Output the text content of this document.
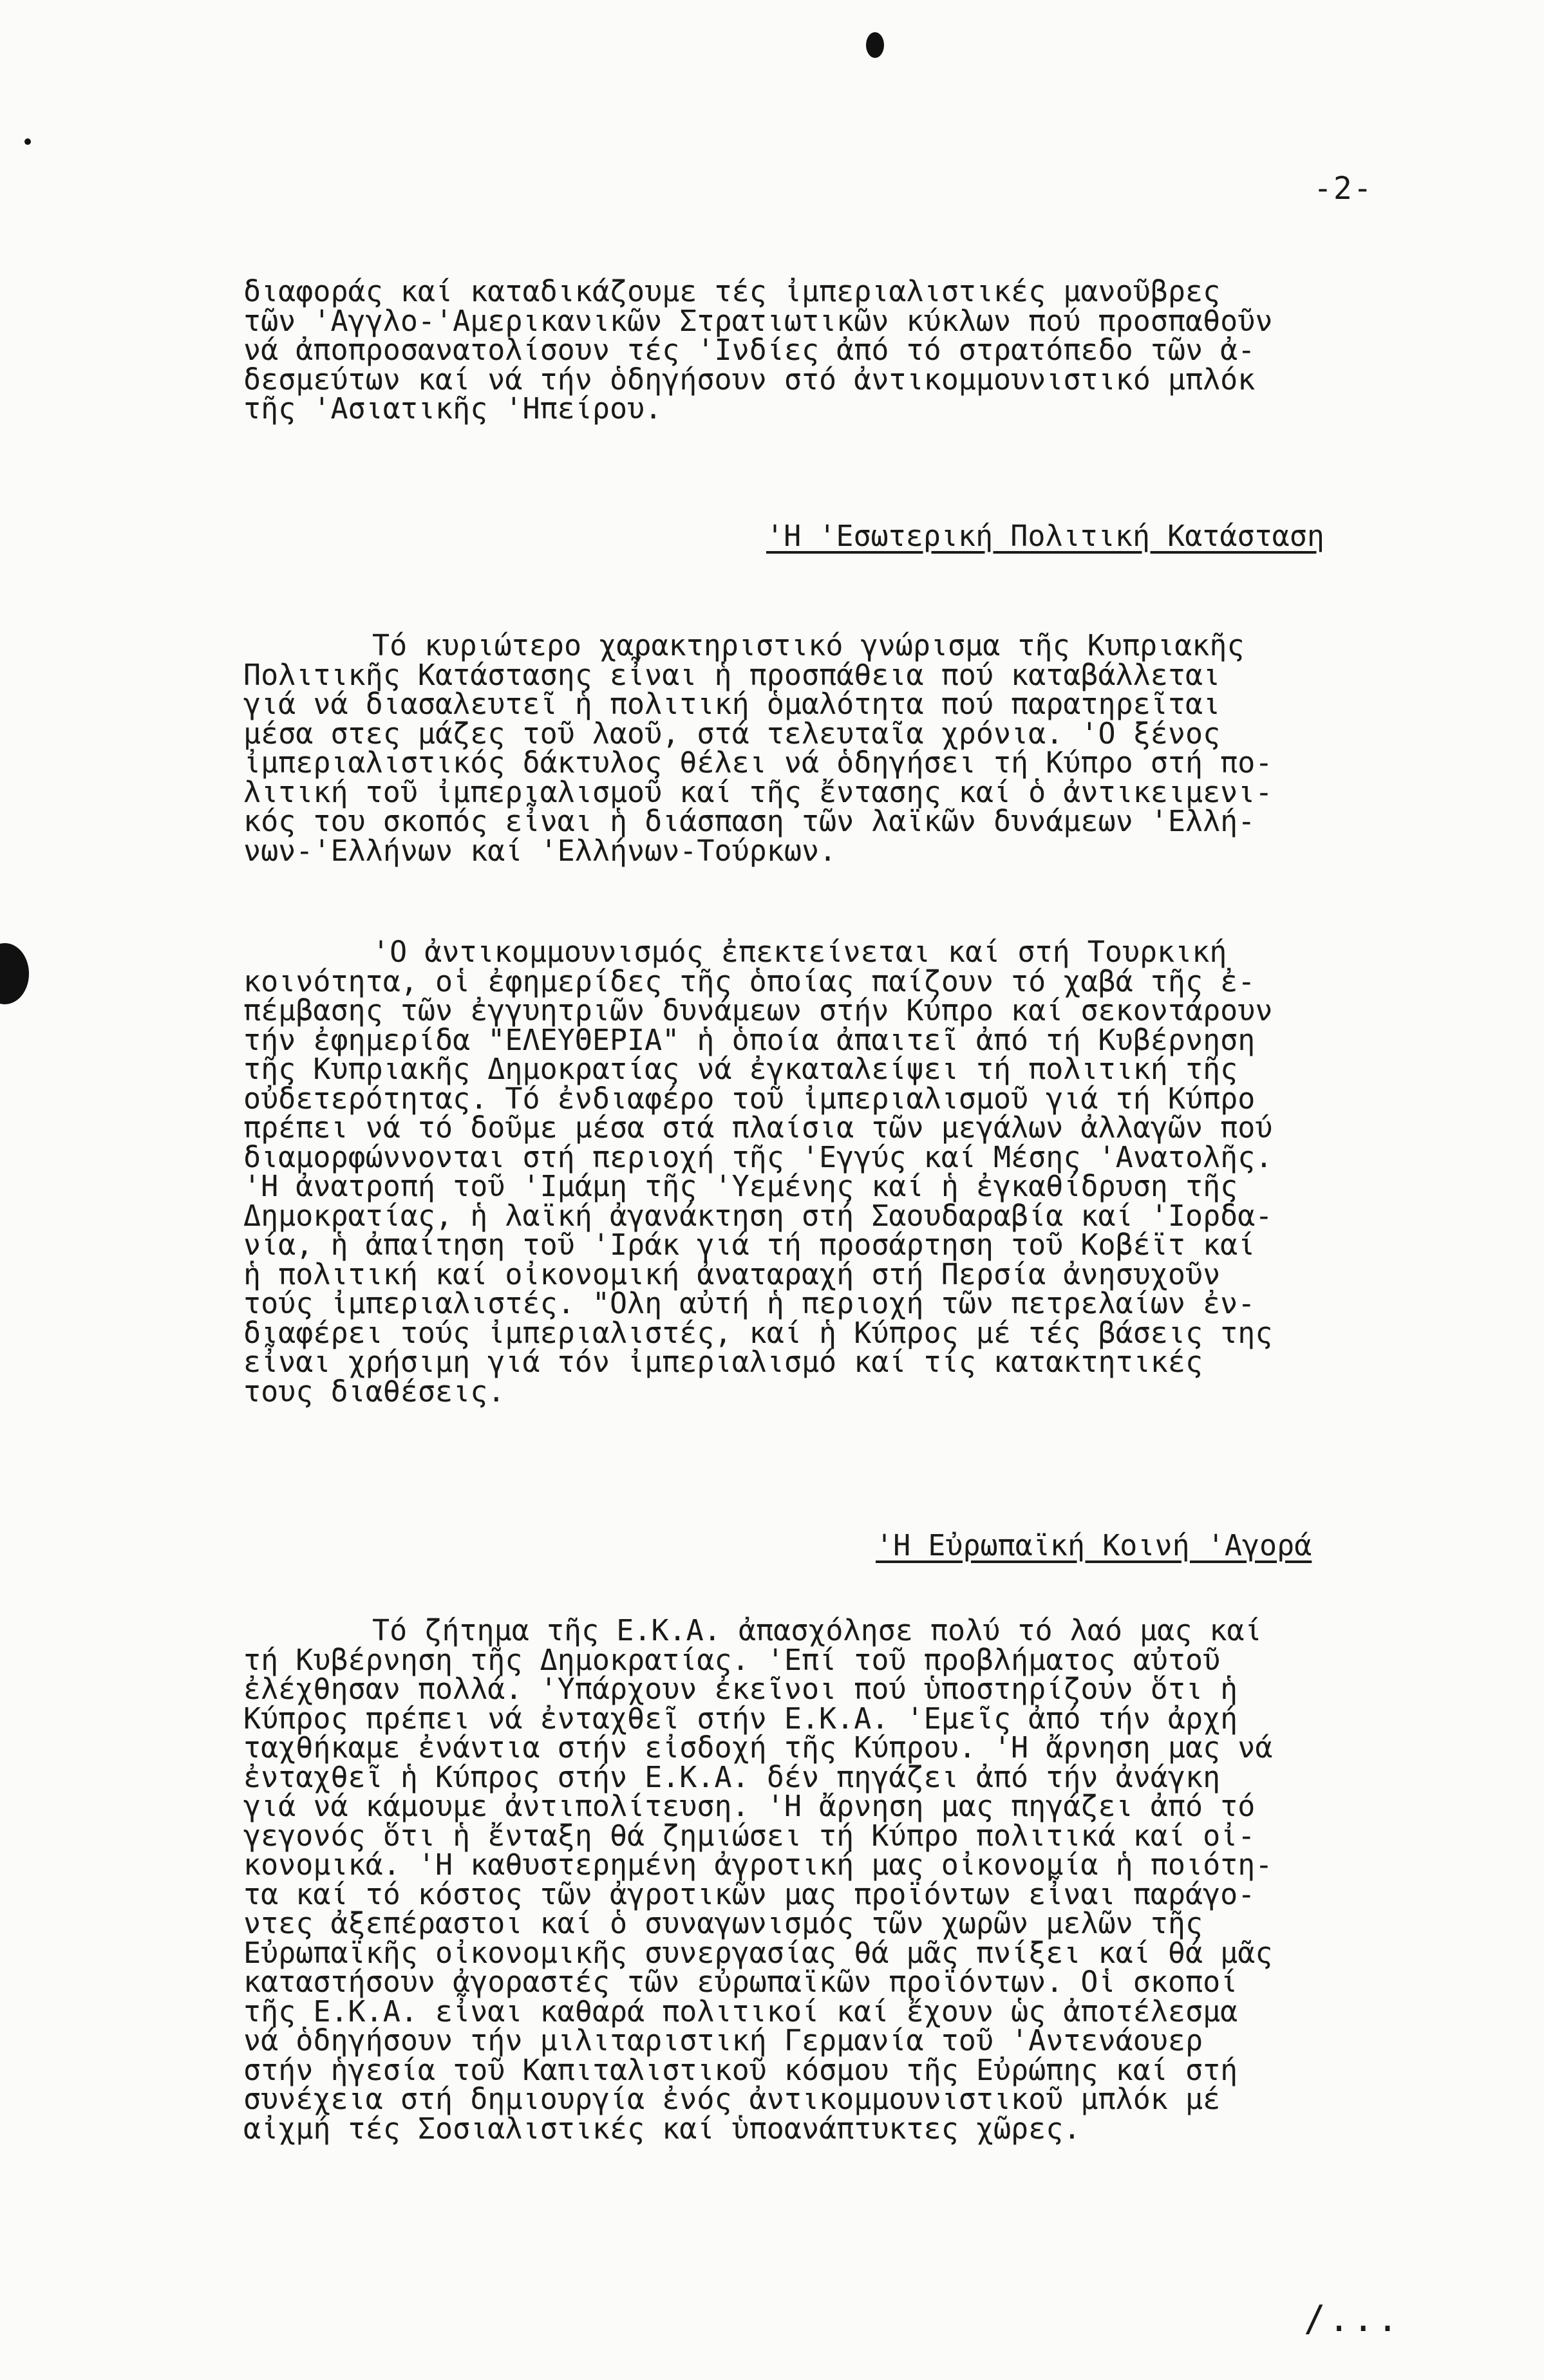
-2-
διαφοράς καί καταδικάζουμε τές ἰμπεριαλιστικές μανοῦβρες
τῶν 'Αγγλο-'Αμερικανικῶν Στρατιωτικῶν κύκλων πού προσπαθοῦν
νά ἀποπροσανατολίσουν τές 'Ινδίες ἀπό τό στρατόπεδο τῶν ἀ-
δεσμεύτων καί νά τήν ὁδηγήσουν στό ἀντικομμουνιστικό μπλόκ
τῆς 'Ασιατικῆς 'Ηπείρου.
'Η 'Εσωτερική Πολιτική Κατάσταση
Τό κυριώτερο χαρακτηριστικό γνώρισμα τῆς Κυπριακῆς
Πολιτικῆς Κατάστασης εἶναι ἡ προσπάθεια πού καταβάλλεται
γιά νά διασαλευτεῖ ἡ πολιτική ὁμαλότητα πού παρατηρεῖται
μέσα στες μάζες τοῦ λαοῦ, στά τελευταῖα χρόνια. 'Ο ξένος
ἰμπεριαλιστικός δάκτυλος θέλει νά ὁδηγήσει τή Κύπρο στή πο-
λιτική τοῦ ἰμπεριαλισμοῦ καί τῆς ἔντασης καί ὁ ἀντικειμενι-
κός του σκοπός εἶναι ἡ διάσπαση τῶν λαϊκῶν δυνάμεων 'Ελλή-
νων-'Ελλήνων καί 'Ελλήνων-Τούρκων.
'Ο ἀντικομμουνισμός ἐπεκτείνεται καί στή Τουρκική
κοινότητα, οἱ ἐφημερίδες τῆς ὁποίας παίζουν τό χαβά τῆς ἐ-
πέμβασης τῶν ἐγγυητριῶν δυνάμεων στήν Κύπρο καί σεκοντάρουν
τήν ἐφημερίδα "ΕΛΕΥΘΕΡΙΑ" ἡ ὁποία ἀπαιτεῖ ἀπό τή Κυβέρνηση
τῆς Κυπριακῆς Δημοκρατίας νά ἐγκαταλείψει τή πολιτική τῆς
οὐδετερότητας. Τό ἐνδιαφέρο τοῦ ἰμπεριαλισμοῦ γιά τή Κύπρο
πρέπει νά τό δοῦμε μέσα στά πλαίσια τῶν μεγάλων ἀλλαγῶν πού
διαμορφώννονται στή περιοχή τῆς 'Εγγύς καί Μέσης 'Ανατολῆς.
'Η ἀνατροπή τοῦ 'Ιμάμη τῆς 'Υεμένης καί ἡ ἐγκαθίδρυση τῆς
Δημοκρατίας, ἡ λαϊκή ἀγανάκτηση στή Σαουδαραβία καί 'Ιορδα-
νία, ἡ ἀπαίτηση τοῦ 'Ιράκ γιά τή προσάρτηση τοῦ Κοβέϊτ καί
ἡ πολιτική καί οἰκονομική ἀναταραχή στή Περσία ἀνησυχοῦν
τούς ἰμπεριαλιστές. "Ολη αὐτή ἡ περιοχή τῶν πετρελαίων ἐν-
διαφέρει τούς ἰμπεριαλιστές, καί ἡ Κύπρος μέ τές βάσεις της
εἶναι χρήσιμη γιά τόν ἰμπεριαλισμό καί τίς κατακτητικές
τους διαθέσεις.
'Η Εὐρωπαϊκή Κοινή 'Αγορά
Τό ζήτημα τῆς Ε.Κ.Α. ἀπασχόλησε πολύ τό λαό μας καί
τή Κυβέρνηση τῆς Δημοκρατίας. 'Επί τοῦ προβλήματος αὐτοῦ
ἐλέχθησαν πολλά. 'Υπάρχουν ἐκεῖνοι πού ὑποστηρίζουν ὅτι ἡ
Κύπρος πρέπει νά ἐνταχθεῖ στήν Ε.Κ.Α. 'Εμεῖς ἀπό τήν ἀρχή
ταχθήκαμε ἐνάντια στήν εἰσδοχή τῆς Κύπρου. 'Η ἄρνηση μας νά
ἐνταχθεῖ ἡ Κύπρος στήν Ε.Κ.Α. δέν πηγάζει ἀπό τήν ἀνάγκη
γιά νά κάμουμε ἀντιπολίτευση. 'Η ἄρνηση μας πηγάζει ἀπό τό
γεγονός ὅτι ἡ ἔνταξη θά ζημιώσει τή Κύπρο πολιτικά καί οἰ-
κονομικά. 'Η καθυστερημένη ἀγροτική μας οἰκονομία ἡ ποιότη-
τα καί τό κόστος τῶν ἀγροτικῶν μας προϊόντων εἶναι παράγο-
ντες ἀξεπέραστοι καί ὁ συναγωνισμός τῶν χωρῶν μελῶν τῆς
Εὐρωπαϊκῆς οἰκονομικῆς συνεργασίας θά μᾶς πνίξει καί θά μᾶς
καταστήσουν ἀγοραστές τῶν εὐρωπαϊκῶν προϊόντων. Οἱ σκοποί
τῆς Ε.Κ.Α. εἶναι καθαρά πολιτικοί καί ἔχουν ὡς ἀποτέλεσμα
νά ὁδηγήσουν τήν μιλιταριστική Γερμανία τοῦ 'Αντενάουερ
στήν ἡγεσία τοῦ Καπιταλιστικοῦ κόσμου τῆς Εὐρώπης καί στή
συνέχεια στή δημιουργία ἐνός ἀντικομμουνιστικοῦ μπλόκ μέ
αἰχμή τές Σοσιαλιστικές καί ὑποανάπτυκτες χῶρες.
/...
